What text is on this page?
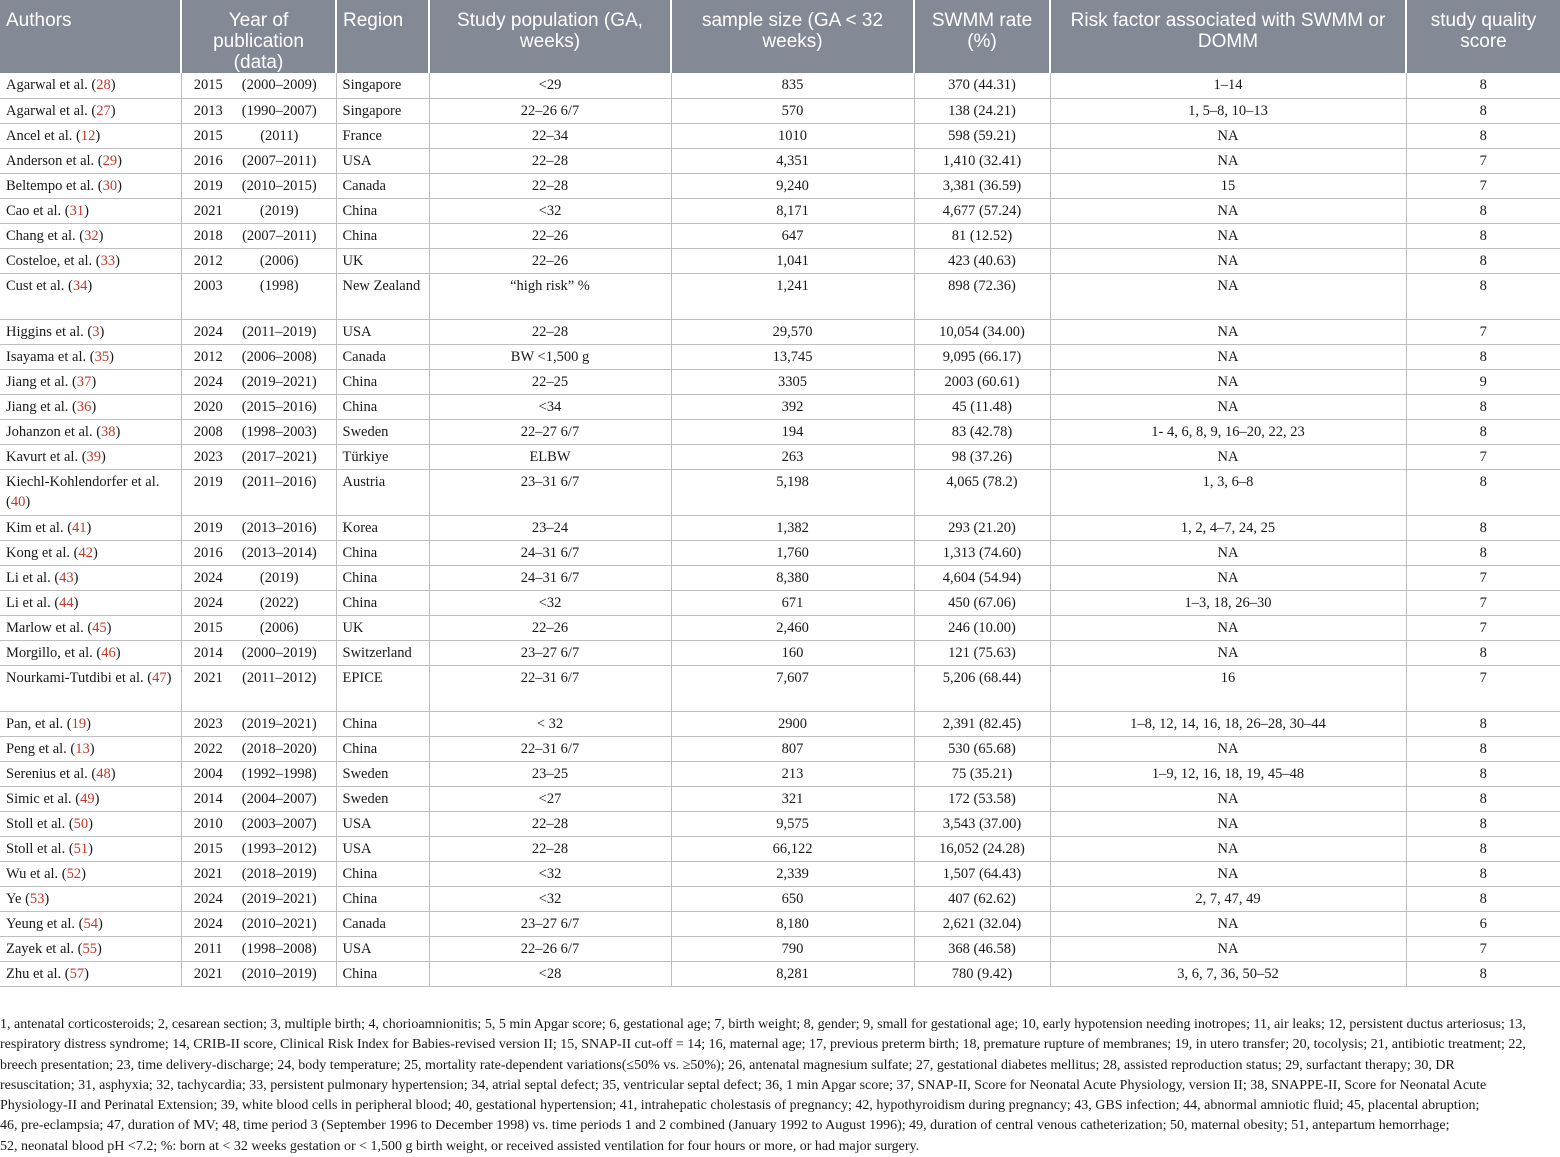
Authors	Year of publication (data)		Region	Study population (GA, weeks)	sample size (GA < 32 weeks)	SWMM rate (%)	Risk factor associated with SWMM or DOMM	study quality score
Agarwal et al. (28)	2015	(2000–2009)	Singapore	<29	835	370 (44.31)	1–14	8
Agarwal et al. (27)	2013	(1990–2007)	Singapore	22–26 6/7	570	138 (24.21)	1, 5–8, 10–13	8
Ancel et al. (12)	2015	(2011)	France	22–34	1010	598 (59.21)	NA	8
Anderson et al. (29)	2016	(2007–2011)	USA	22–28	4,351	1,410 (32.41)	NA	7
Beltempo et al. (30)	2019	(2010–2015)	Canada	22–28	9,240	3,381 (36.59)	15	7
Cao et al. (31)	2021	(2019)	China	<32	8,171	4,677 (57.24)	NA	8
Chang et al. (32)	2018	(2007–2011)	China	22–26	647	81 (12.52)	NA	8
Costeloe, et al. (33)	2012	(2006)	UK	22–26	1,041	423 (40.63)	NA	8
Cust et al. (34)	2003	(1998)	New Zealand	“high risk” %	1,241	898 (72.36)	NA	8
Higgins et al. (3)	2024	(2011–2019)	USA	22–28	29,570	10,054 (34.00)	NA	7
Isayama et al. (35)	2012	(2006–2008)	Canada	BW <1,500 g	13,745	9,095 (66.17)	NA	8
Jiang et al. (37)	2024	(2019–2021)	China	22–25	3305	2003 (60.61)	NA	9
Jiang et al. (36)	2020	(2015–2016)	China	<34	392	45 (11.48)	NA	8
Johanzon et al. (38)	2008	(1998–2003)	Sweden	22–27 6/7	194	83 (42.78)	1- 4, 6, 8, 9, 16–20, 22, 23	8
Kavurt et al. (39)	2023	(2017–2021)	Türkiye	ELBW	263	98 (37.26)	NA	7
Kiechl-Kohlendorfer et al. (40)	2019	(2011–2016)	Austria	23–31 6/7	5,198	4,065 (78.2)	1, 3, 6–8	8
Kim et al. (41)	2019	(2013–2016)	Korea	23–24	1,382	293 (21.20)	1, 2, 4–7, 24, 25	8
Kong et al. (42)	2016	(2013–2014)	China	24–31 6/7	1,760	1,313 (74.60)	NA	8
Li et al. (43)	2024	(2019)	China	24–31 6/7	8,380	4,604 (54.94)	NA	7
Li et al. (44)	2024	(2022)	China	<32	671	450 (67.06)	1–3, 18, 26–30	7
Marlow et al. (45)	2015	(2006)	UK	22–26	2,460	246 (10.00)	NA	7
Morgillo, et al. (46)	2014	(2000–2019)	Switzerland	23–27 6/7	160	121 (75.63)	NA	8
Nourkami-Tutdibi et al. (47)	2021	(2011–2012)	EPICE	22–31 6/7	7,607	5,206 (68.44)	16	7
Pan, et al. (19)	2023	(2019–2021)	China	< 32	2900	2,391 (82.45)	1–8, 12, 14, 16, 18, 26–28, 30–44	8
Peng et al. (13)	2022	(2018–2020)	China	22–31 6/7	807	530 (65.68)	NA	8
Serenius et al. (48)	2004	(1992–1998)	Sweden	23–25	213	75 (35.21)	1–9, 12, 16, 18, 19, 45–48	8
Simic et al. (49)	2014	(2004–2007)	Sweden	<27	321	172 (53.58)	NA	8
Stoll et al. (50)	2010	(2003–2007)	USA	22–28	9,575	3,543 (37.00)	NA	8
Stoll et al. (51)	2015	(1993–2012)	USA	22–28	66,122	16,052 (24.28)	NA	8
Wu et al. (52)	2021	(2018–2019)	China	<32	2,339	1,507 (64.43)	NA	8
Ye (53)	2024	(2019–2021)	China	<32	650	407 (62.62)	2, 7, 47, 49	8
Yeung et al. (54)	2024	(2010–2021)	Canada	23–27 6/7	8,180	2,621 (32.04)	NA	6
Zayek et al. (55)	2011	(1998–2008)	USA	22–26 6/7	790	368 (46.58)	NA	7
Zhu et al. (57)	2021	(2010–2019)	China	<28	8,281	780 (9.42)	3, 6, 7, 36, 50–52	8
1, antenatal corticosteroids; 2, cesarean section; 3, multiple birth; 4, chorioamnionitis; 5, 5 min Apgar score; 6, gestational age; 7, birth weight; 8, gender; 9, small for gestational age; 10, early hypotension needing inotropes; 11, air leaks; 12, persistent ductus arteriosus; 13,
respiratory distress syndrome; 14, CRIB-II score, Clinical Risk Index for Babies-revised version II; 15, SNAP-II cut-off = 14; 16, maternal age; 17, previous preterm birth; 18, premature rupture of membranes; 19, in utero transfer; 20, tocolysis; 21, antibiotic treatment; 22,
breech presentation; 23, time delivery-discharge; 24, body temperature; 25, mortality rate-dependent variations(≤50% vs. ≥50%); 26, antenatal magnesium sulfate; 27, gestational diabetes mellitus; 28, assisted reproduction status; 29, surfactant therapy; 30, DR
resuscitation; 31, asphyxia; 32, tachycardia; 33, persistent pulmonary hypertension; 34, atrial septal defect; 35, ventricular septal defect; 36, 1 min Apgar score; 37, SNAP-II, Score for Neonatal Acute Physiology, version II; 38, SNAPPE-II, Score for Neonatal Acute
Physiology-II and Perinatal Extension; 39, white blood cells in peripheral blood; 40, gestational hypertension; 41, intrahepatic cholestasis of pregnancy; 42, hypothyroidism during pregnancy; 43, GBS infection; 44, abnormal amniotic fluid; 45, placental abruption;
46, pre-eclampsia; 47, duration of MV; 48, time period 3 (September 1996 to December 1998) vs. time periods 1 and 2 combined (January 1992 to August 1996); 49, duration of central venous catheterization; 50, maternal obesity; 51, antepartum hemorrhage;
52, neonatal blood pH <7.2; %: born at < 32 weeks gestation or < 1,500 g birth weight, or received assisted ventilation for four hours or more, or had major surgery.
